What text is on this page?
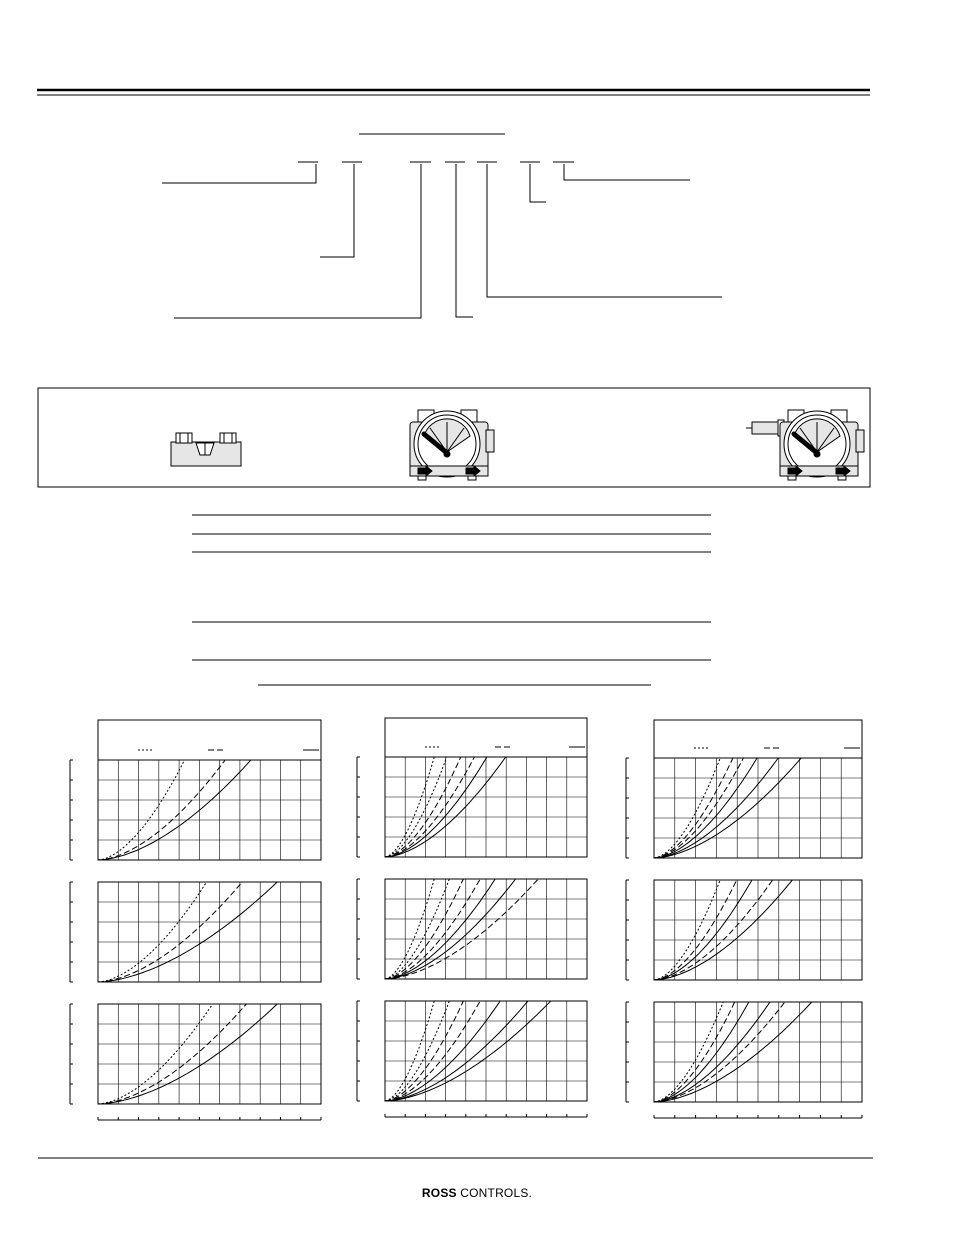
ROSS CONTROLS.
